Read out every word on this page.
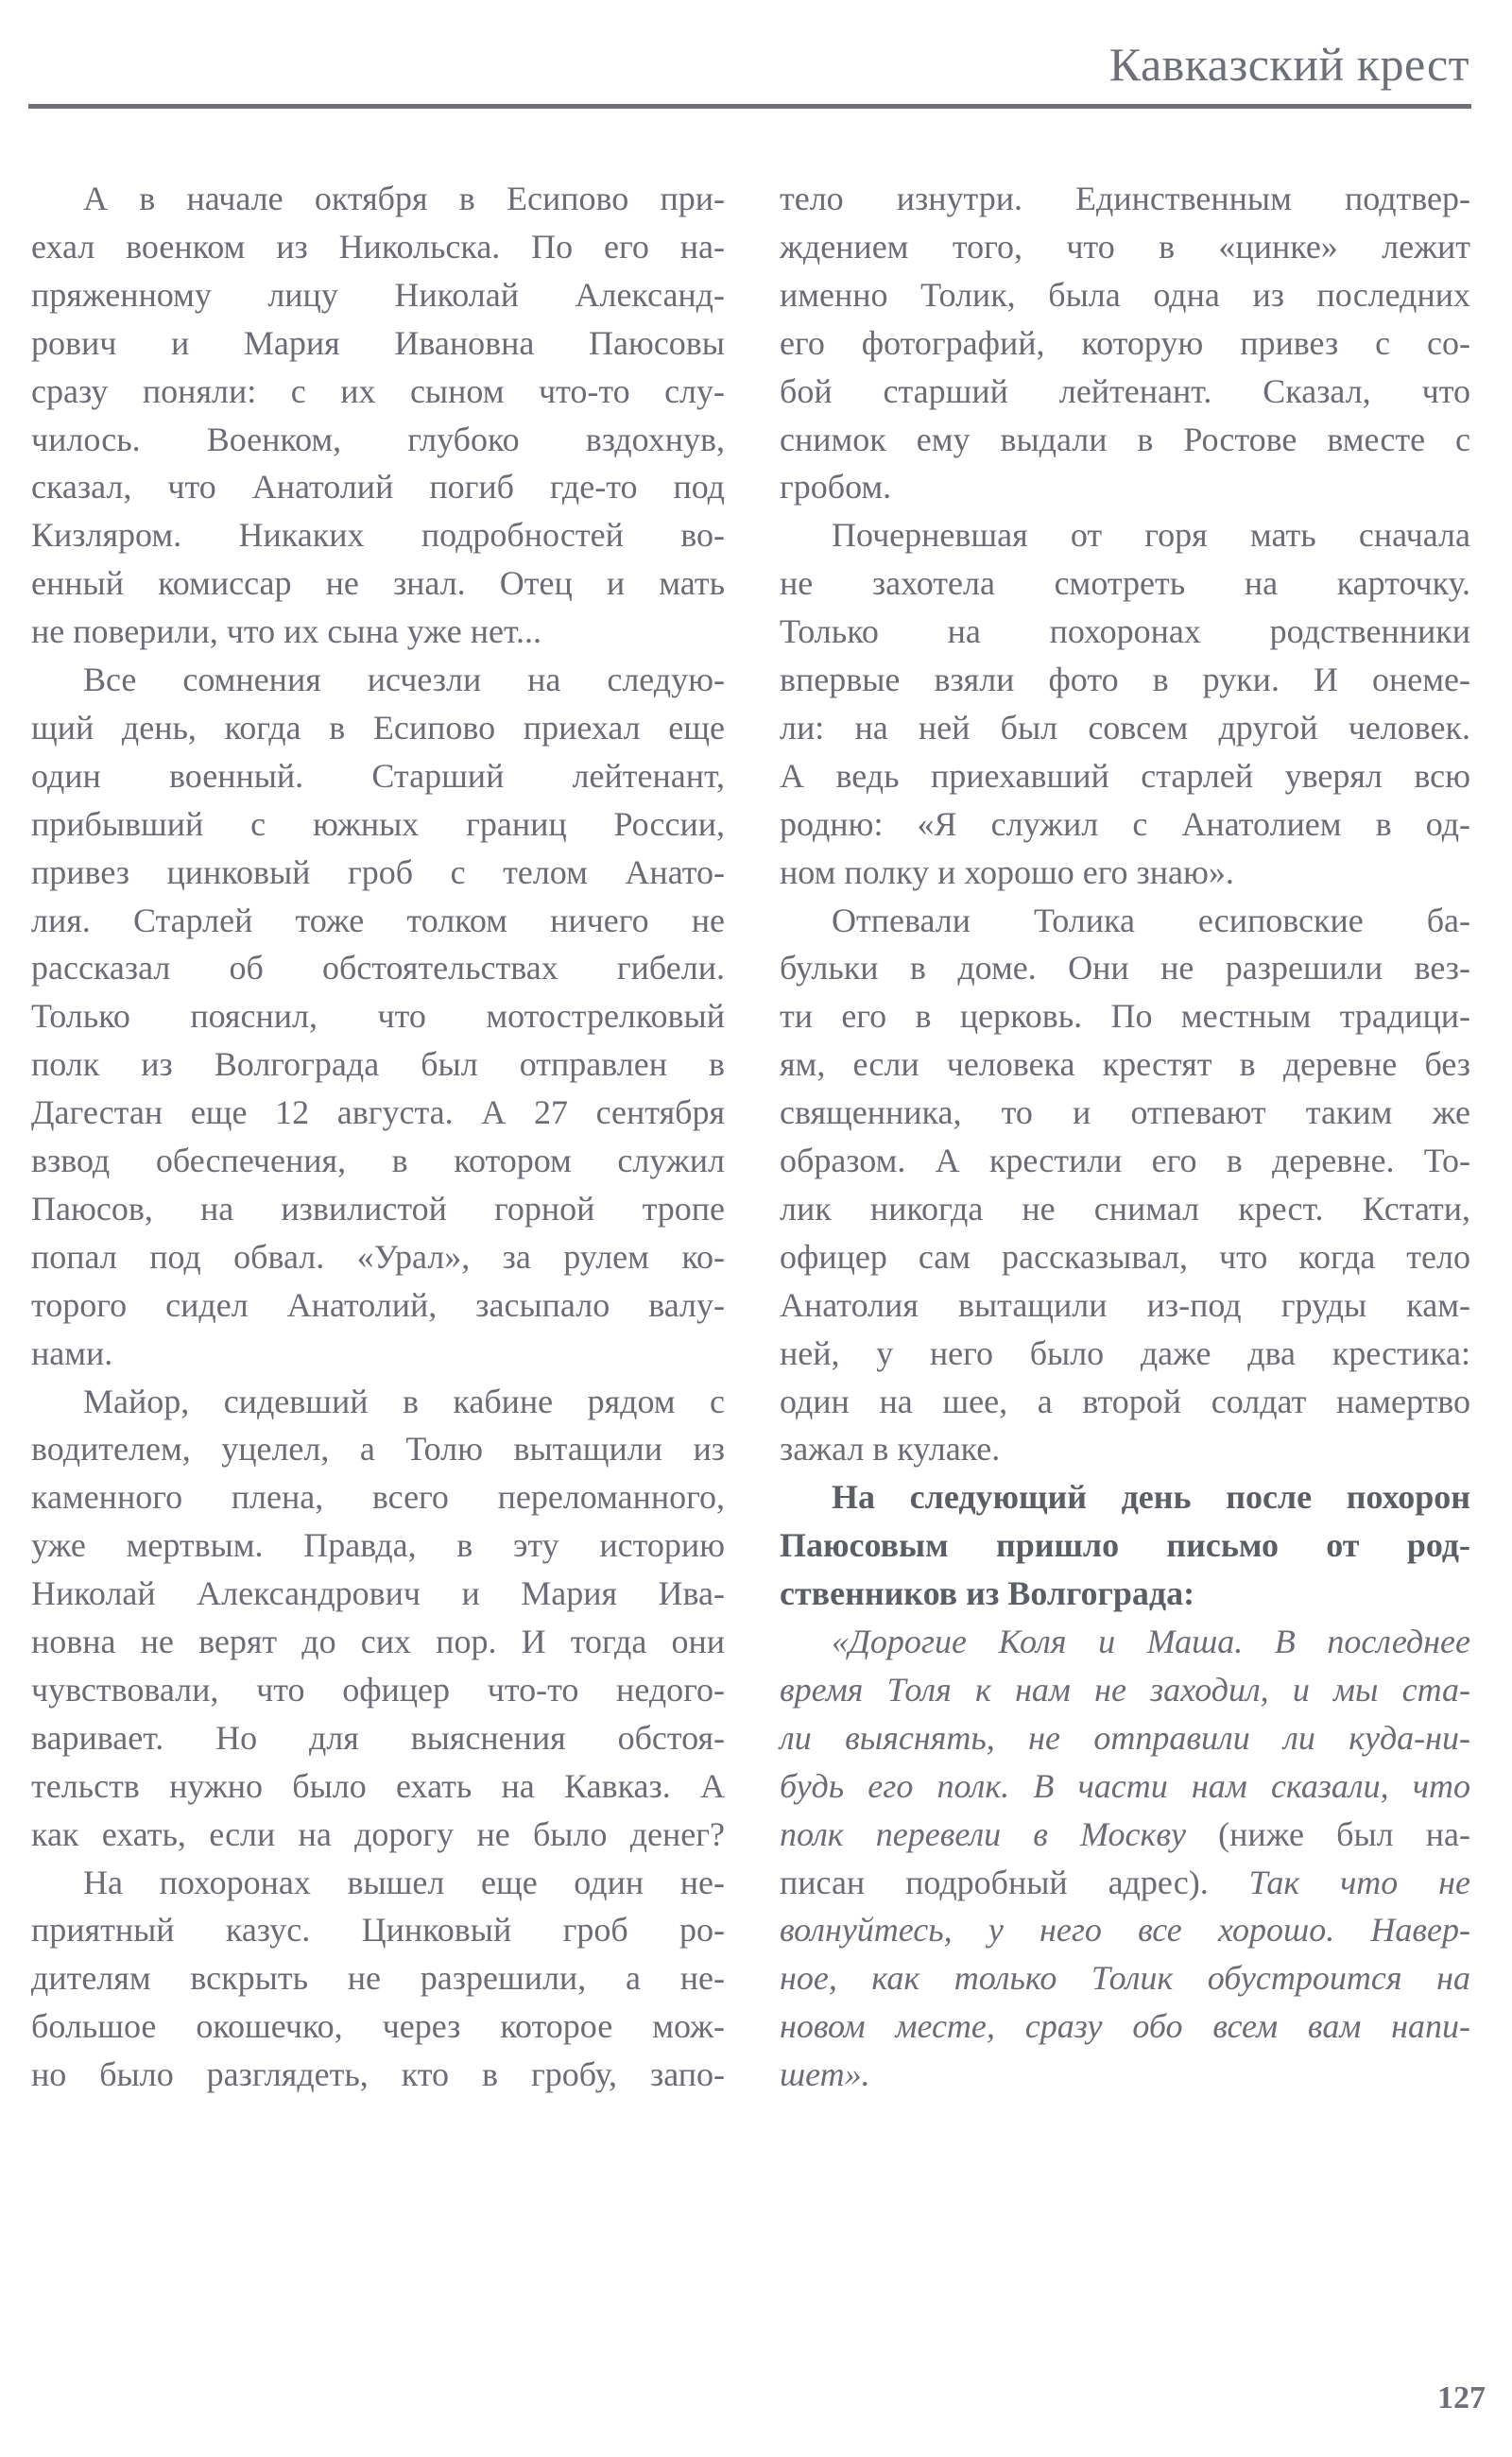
Кавказский крест
А в начале октября в Есипово при-
ехал военком из Никольска. По его на-
пряженному лицу Николай Александ-
рович и Мария Ивановна Паюсовы
сразу поняли: с их сыном что-то слу-
чилось. Военком, глубоко вздохнув,
сказал, что Анатолий погиб где-то под
Кизляром. Никаких подробностей во-
енный комиссар не знал. Отец и мать
не поверили, что их сына уже нет...
Все сомнения исчезли на следую-
щий день, когда в Есипово приехал еще
один военный. Старший лейтенант,
прибывший с южных границ России,
привез цинковый гроб с телом Анато-
лия. Старлей тоже толком ничего не
рассказал об обстоятельствах гибели.
Только пояснил, что мотострелковый
полк из Волгограда был отправлен в
Дагестан еще 12 августа. А 27 сентября
взвод обеспечения, в котором служил
Паюсов, на извилистой горной тропе
попал под обвал. «Урал», за рулем ко-
торого сидел Анатолий, засыпало валу-
нами.
Майор, сидевший в кабине рядом с
водителем, уцелел, а Толю вытащили из
каменного плена, всего переломанного,
уже мертвым. Правда, в эту историю
Николай Александрович и Мария Ива-
новна не верят до сих пор. И тогда они
чувствовали, что офицер что-то недого-
варивает. Но для выяснения обстоя-
тельств нужно было ехать на Кавказ. А
как ехать, если на дорогу не было денег?
На похоронах вышел еще один не-
приятный казус. Цинковый гроб ро-
дителям вскрыть не разрешили, а не-
большое окошечко, через которое мож-
но было разглядеть, кто в гробу, запо-
тело изнутри. Единственным подтвер-
ждением того, что в «цинке» лежит
именно Толик, была одна из последних
его фотографий, которую привез с со-
бой старший лейтенант. Сказал, что
снимок ему выдали в Ростове вместе с
гробом.
Почерневшая от горя мать сначала
не захотела смотреть на карточку.
Только на похоронах родственники
впервые взяли фото в руки. И онеме-
ли: на ней был совсем другой человек.
А ведь приехавший старлей уверял всю
родню: «Я служил с Анатолием в од-
ном полку и хорошо его знаю».
Отпевали Толика есиповские ба-
бульки в доме. Они не разрешили вез-
ти его в церковь. По местным традици-
ям, если человека крестят в деревне без
священника, то и отпевают таким же
образом. А крестили его в деревне. То-
лик никогда не снимал крест. Кстати,
офицер сам рассказывал, что когда тело
Анатолия вытащили из-под груды кам-
ней, у него было даже два крестика:
один на шее, а второй солдат намертво
зажал в кулаке.
На следующий день после похорон
Паюсовым пришло письмо от род-
ственников из Волгограда:
«Дорогие Коля и Маша. В последнее
время Толя к нам не заходил, и мы ста-
ли выяснять, не отправили ли куда-ни-
будь его полк. В части нам сказали, что
полк перевели в Москву (ниже был на-
писан подробный адрес). Так что не
волнуйтесь, у него все хорошо. Навер-
ное, как только Толик обустроится на
новом месте, сразу обо всем вам напи-
шет».
127
